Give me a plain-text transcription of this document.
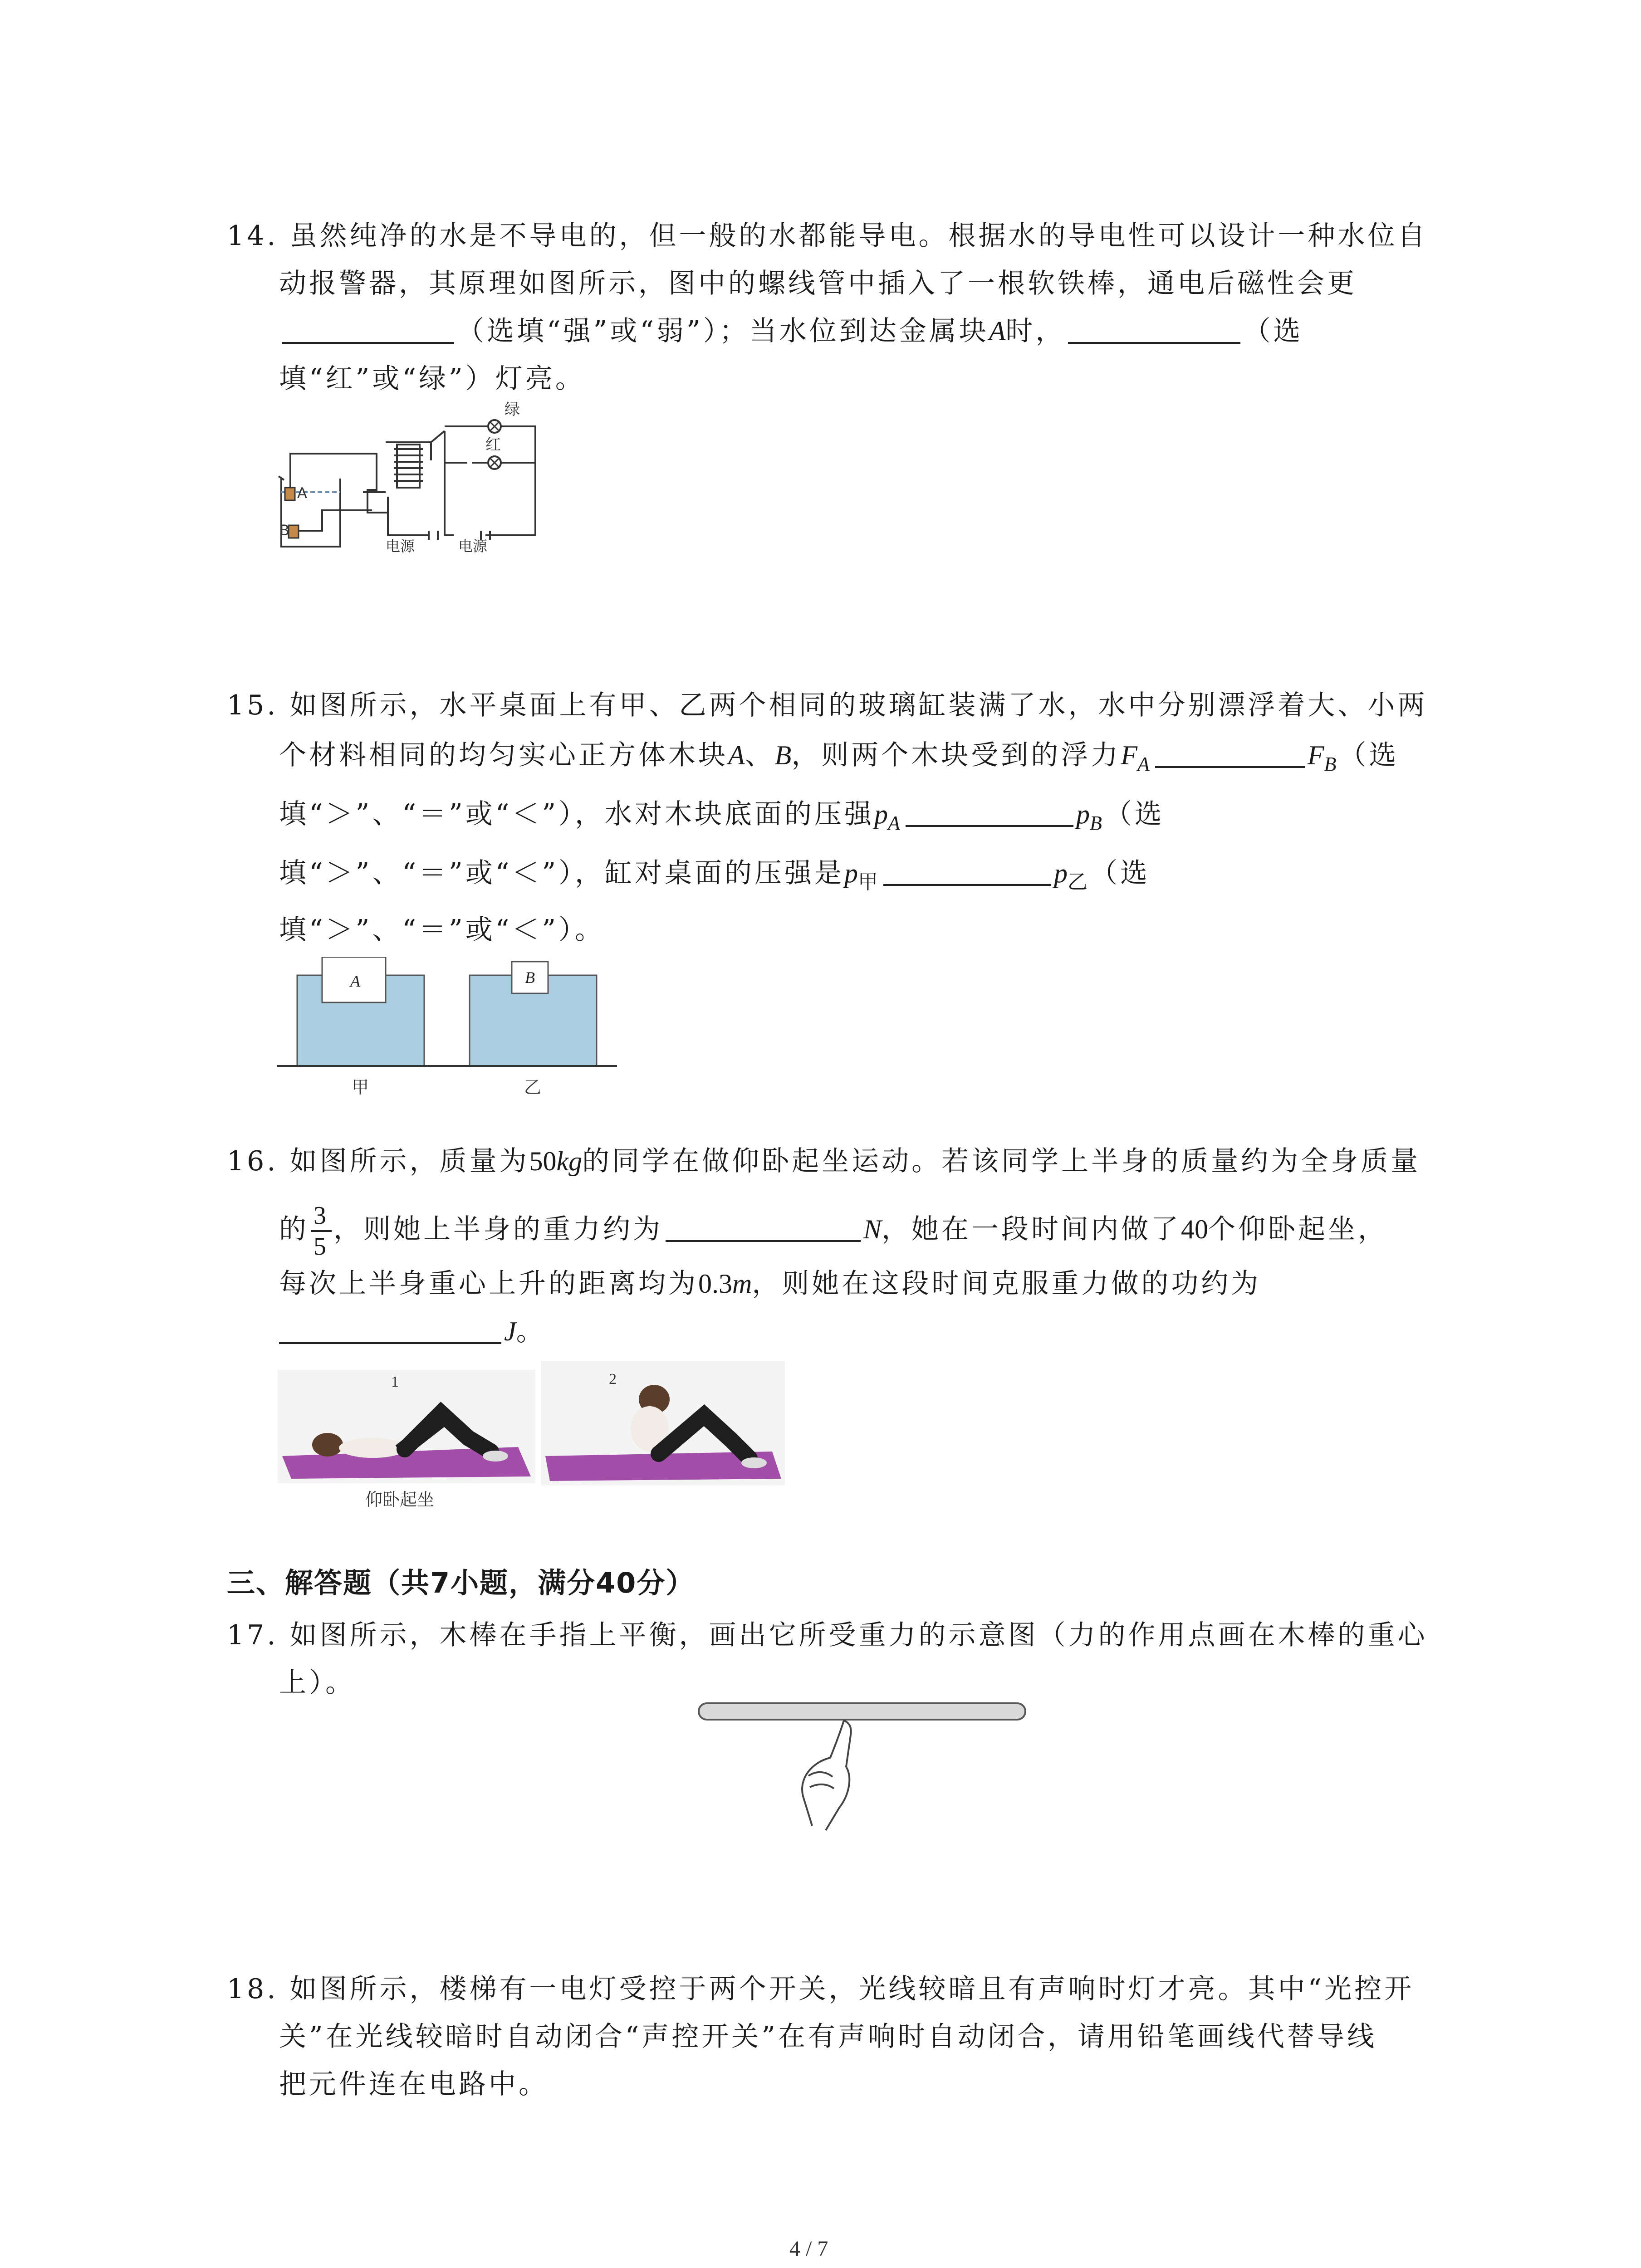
14. 虽然纯净的水是不导电的，但一般的水都能导电。根据水的导电性可以设计一种水位自
动报警器，其原理如图所示，图中的螺线管中插入了一根软铁棒，通电后磁性会更
（选填“强”或“弱”）；当水位到达金属块A时，	（选
填“红”或“绿”）灯亮。
绿
红
A
B
电源	电源
15. 如图所示，水平桌面上有甲、乙两个相同的玻璃缸装满了水，水中分别漂浮着大、小两
个材料相同的均匀实心正方体木块A、B，则两个木块受到的浮力$F_A$	$F_B$（选
填“＞”、“＝”或“＜”），水对木块底面的压强$p_A$	$p_B$（选
填“＞”、“＝”或“＜”），缸对桌面的压强是$p_甲$	$p_乙$（选
填“＞”、“＝”或“＜”）。
A	B
甲	乙
16. 如图所示，质量为50kg的同学在做仰卧起坐运动。若该同学上半身的质量约为全身质量
的 $\frac{3}{5}$ ，则她上半身的重力约为	N，她在一段时间内做了40个仰卧起坐，
每次上半身重心上升的距离均为0.3m，则她在这段时间克服重力做的功约为
J。
1	2
仰卧起坐
三、解答题（共7小题，满分40分）
17. 如图所示，木棒在手指上平衡，画出它所受重力的示意图（力的作用点画在木棒的重心
上）。
18. 如图所示，楼梯有一电灯受控于两个开关，光线较暗且有声响时灯才亮。其中“光控开
关”在光线较暗时自动闭合“声控开关”在有声响时自动闭合，请用铅笔画线代替导线
把元件连在电路中。
4 / 7
